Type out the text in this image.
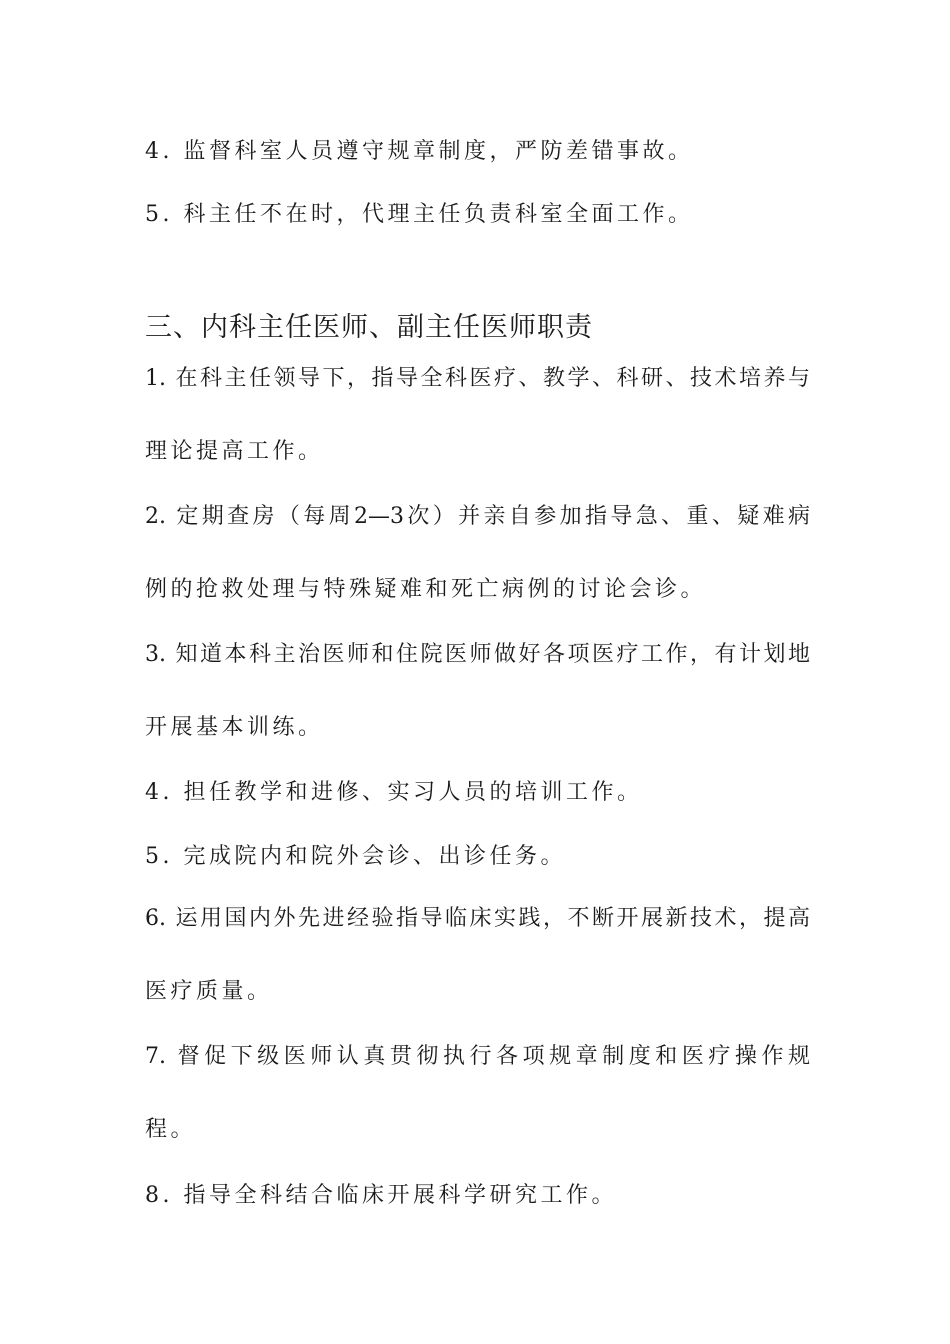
4. 监督科室人员遵守规章制度，严防差错事故。
5. 科主任不在时，代理主任负责科室全面工作。
三、内科主任医师、副主任医师职责
1. 在科主任领导下，指导全科医疗、教学、科研、技术培养与
理论提高工作。
2. 定期查房（每周2—3次）并亲自参加指导急、重、疑难病
例的抢救处理与特殊疑难和死亡病例的讨论会诊。
3. 知道本科主治医师和住院医师做好各项医疗工作，有计划地
开展基本训练。
4. 担任教学和进修、实习人员的培训工作。
5. 完成院内和院外会诊、出诊任务。
6. 运用国内外先进经验指导临床实践，不断开展新技术，提高
医疗质量。
7. 督促下级医师认真贯彻执行各项规章制度和医疗操作规
程。
8. 指导全科结合临床开展科学研究工作。
